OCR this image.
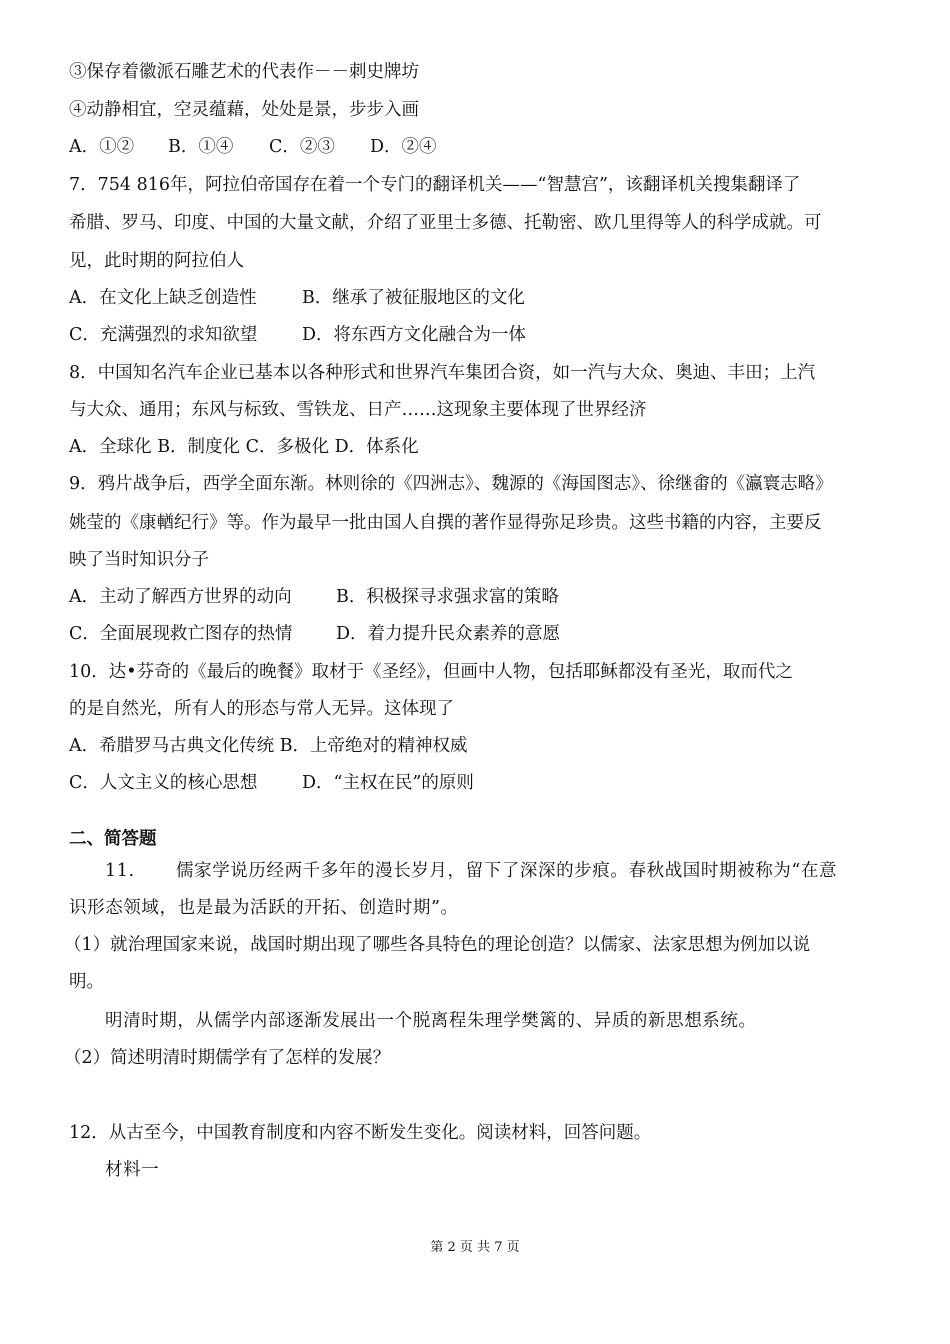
③保存着徽派石雕艺术的代表作－－刺史牌坊
④动静相宜，空灵蕴藉，处处是景，步步入画
A．①② B．①④ C．②③ D．②④
7．754 816年，阿拉伯帝国存在着一个专门的翻译机关——“智慧宫”，该翻译机关搜集翻译了
希腊、罗马、印度、中国的大量文献，介绍了亚里士多德、托勒密、欧几里得等人的科学成就。可
见，此时期的阿拉伯人
A．在文化上缺乏创造性	B．继承了被征服地区的文化
C．充满强烈的求知欲望	D．将东西方文化融合为一体
8．中国知名汽车企业已基本以各种形式和世界汽车集团合资，如一汽与大众、奥迪、丰田；上汽
与大众、通用；东风与标致、雪铁龙、日产……这现象主要体现了世界经济
A．全球化 B．制度化 C．多极化 D．体系化
9．鸦片战争后，西学全面东渐。林则徐的《四洲志》、魏源的《海国图志》、徐继畬的《瀛寰志略》
姚莹的《康輶纪行》等。作为最早一批由国人自撰的著作显得弥足珍贵。这些书籍的内容，主要反
映了当时知识分子
A．主动了解西方世界的动向	B．积极探寻求强求富的策略
C．全面展现救亡图存的热情 D．着力提升民众素养的意愿
10．达•芬奇的《最后的晚餐》取材于《圣经》，但画中人物，包括耶稣都没有圣光，取而代之
的是自然光，所有人的形态与常人无异。这体现了
A．希腊罗马古典文化传统 B．上帝绝对的精神权威
C．人文主义的核心思想	D．“主权在民”的原则
二、简答题
11. 儒家学说历经两千多年的漫长岁月，留下了深深的步痕。春秋战国时期被称为“在意
识形态领域，也是最为活跃的开拓、创造时期”。
（1）就治理国家来说，战国时期出现了哪些各具特色的理论创造？以儒家、法家思想为例加以说
明。
明清时期，从儒学内部逐渐发展出一个脱离程朱理学樊篱的、异质的新思想系统。
（2）简述明清时期儒学有了怎样的发展？
12．从古至今，中国教育制度和内容不断发生变化。阅读材料，回答问题。
材料一
第 2 页 共 7 页
